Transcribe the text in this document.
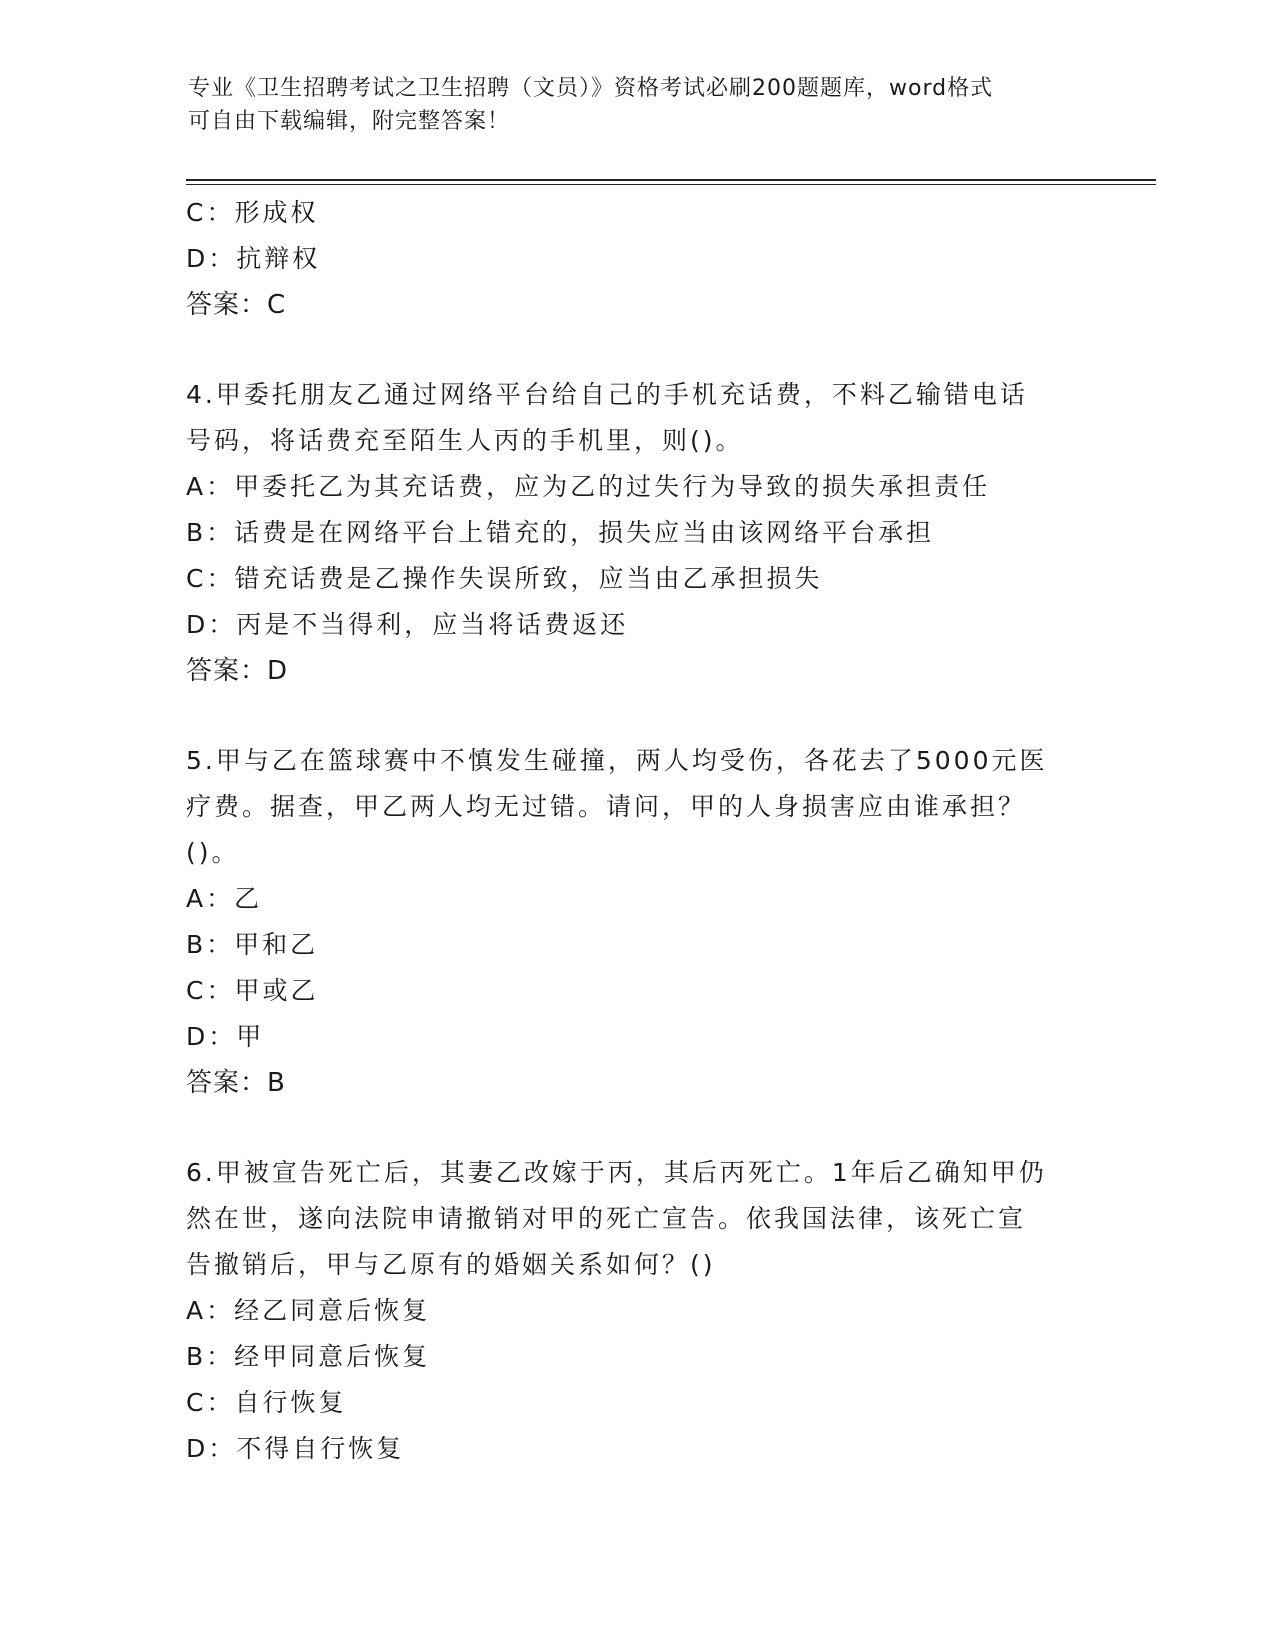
专业《卫生招聘考试之卫生招聘（文员）》资格考试必刷200题题库，word格式
可自由下载编辑，附完整答案！
C：形成权
D：抗辩权
答案：C
4.甲委托朋友乙通过网络平台给自己的手机充话费，不料乙输错电话
号码，将话费充至陌生人丙的手机里，则()。
A：甲委托乙为其充话费，应为乙的过失行为导致的损失承担责任
B：话费是在网络平台上错充的，损失应当由该网络平台承担
C：错充话费是乙操作失误所致，应当由乙承担损失
D：丙是不当得利，应当将话费返还
答案：D
5.甲与乙在篮球赛中不慎发生碰撞，两人均受伤，各花去了5000元医
疗费。据查，甲乙两人均无过错。请问，甲的人身损害应由谁承担？
()。
A：乙
B：甲和乙
C：甲或乙
D：甲
答案：B
6.甲被宣告死亡后，其妻乙改嫁于丙，其后丙死亡。1年后乙确知甲仍
然在世，遂向法院申请撤销对甲的死亡宣告。依我国法律，该死亡宣
告撤销后，甲与乙原有的婚姻关系如何？()
A：经乙同意后恢复
B：经甲同意后恢复
C：自行恢复
D：不得自行恢复
